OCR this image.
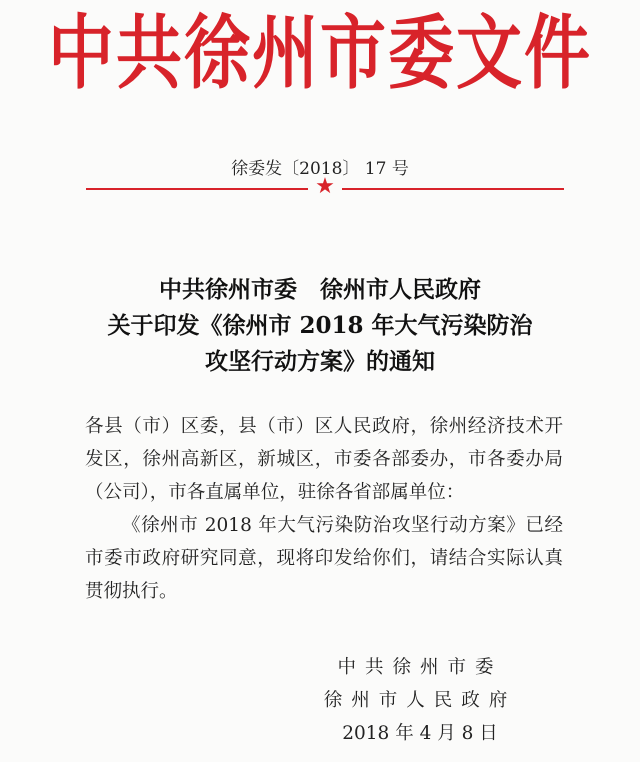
中共徐州市委文件
徐委发〔2018〕 17 号
★
中共徐州市委　徐州市人民政府
关于印发《徐州市 2018 年大气污染防治
攻坚行动方案》的通知
各县（市）区委，县（市）区人民政府，徐州经济技术开发区，徐州高新区，新城区，市委各部委办，市各委办局（公司），市各直属单位，驻徐各省部属单位：
《徐州市 2018 年大气污染防治攻坚行动方案》已经市委市政府研究同意，现将印发给你们，请结合实际认真贯彻执行。
中共徐州市委
徐州市人民政府
2018 年 4 月 8 日
